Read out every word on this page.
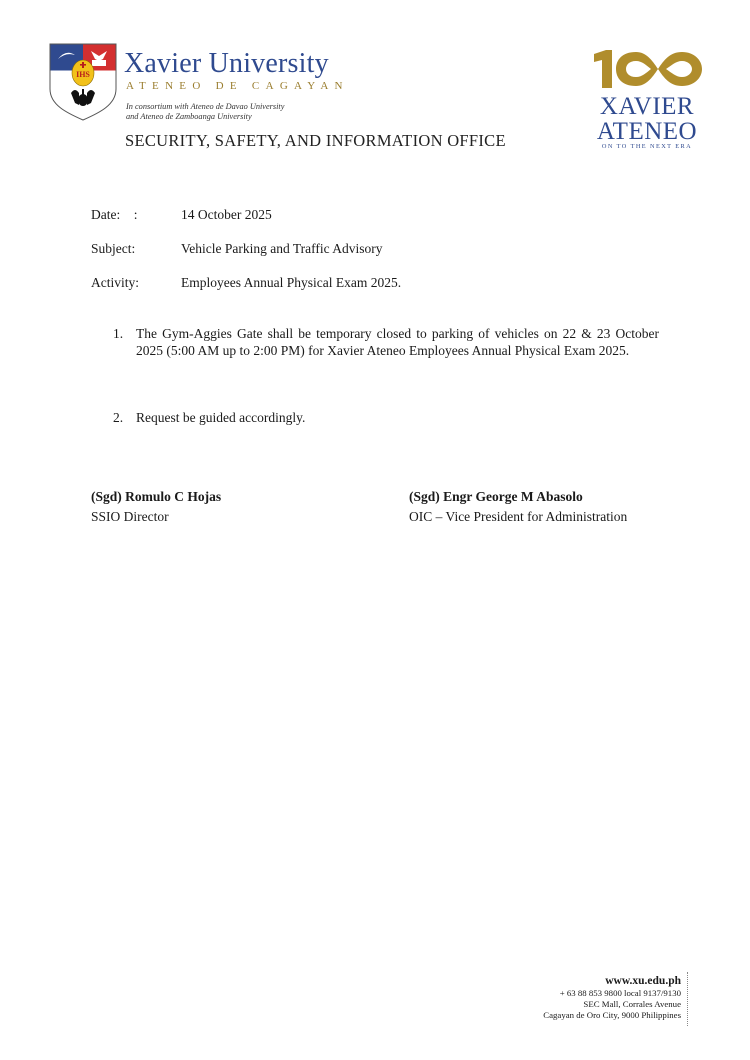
IHS Xavier University
ATENEO DE CAGAYAN
In consortium with Ateneo de Davao University
and Ateneo de Zamboanga University
SECURITY, SAFETY, AND INFORMATION OFFICE
XAVIER
ATENEO
ON TO THE NEXT ERA
Date:    :	14 October 2025
Subject:	Vehicle Parking and Traffic Advisory
Activity:	Employees Annual Physical Exam 2025.
1. The Gym-Aggies Gate shall be temporary closed to parking of vehicles on 22 & 23 October 2025 (5:00 AM up to 2:00 PM) for Xavier Ateneo Employees Annual Physical Exam 2025.
2. Request be guided accordingly.
(Sgd) Romulo C Hojas
SSIO Director
(Sgd) Engr George M Abasolo
OIC – Vice President for Administration
www.xu.edu.ph
+ 63 88 853 9800 local 9137/9130
SEC Mall, Corrales Avenue
Cagayan de Oro City, 9000 Philippines
